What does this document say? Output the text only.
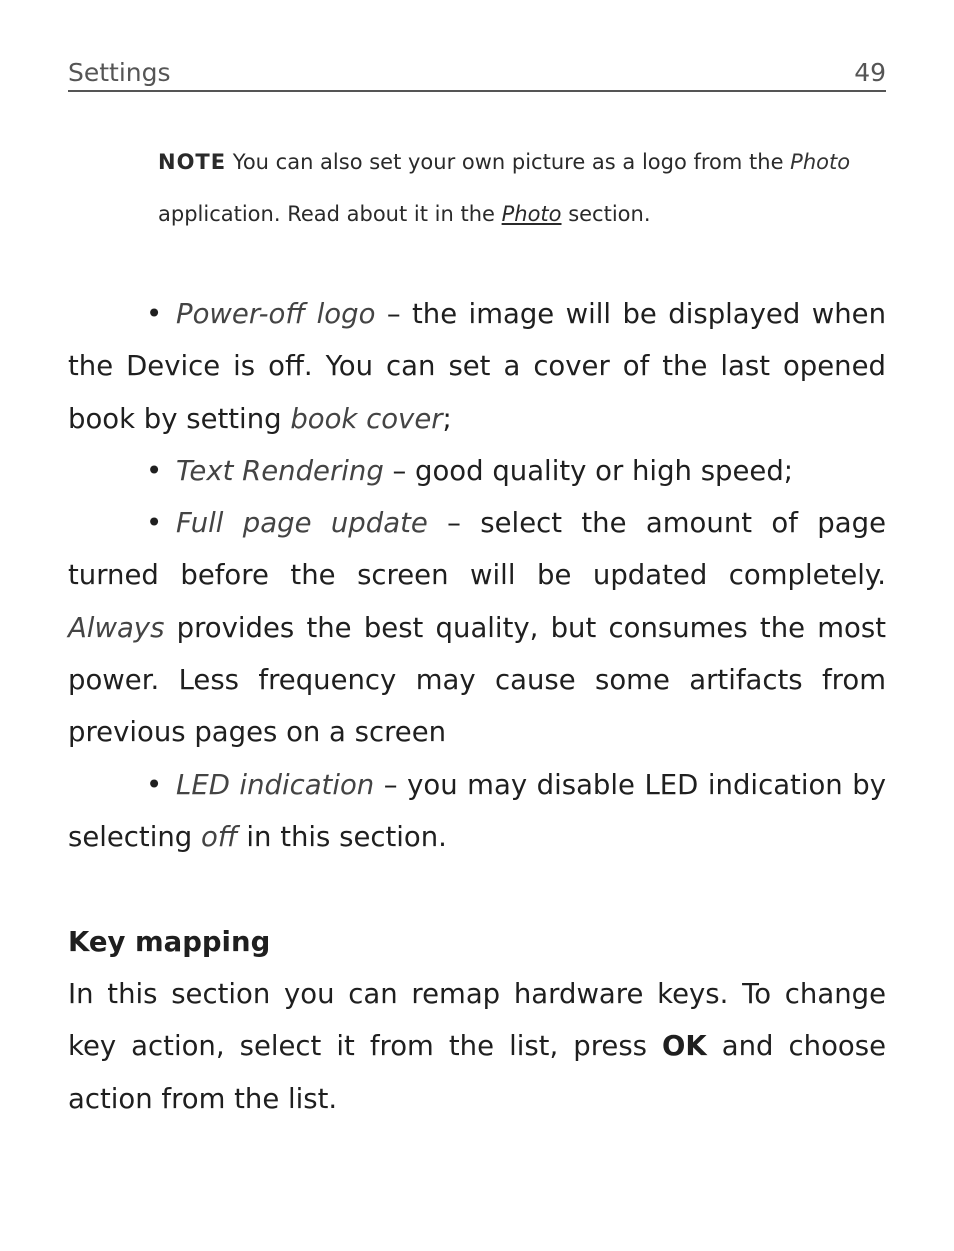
Settings	49
NOTE You can also set your own picture as a logo from the Photo application. Read about it in the Photo section.
• Power-off logo – the image will be displayed when the Device is off. You can set a cover of the last opened book by setting book cover;
• Text Rendering – good quality or high speed;
• Full page update – select the amount of page turned before the screen will be updated completely. Always provides the best quality, but consumes the most power. Less frequency may cause some artifacts from previous pages on a screen
• LED indication – you may disable LED indication by selecting off in this section.
Key mapping
In this section you can remap hardware keys. To change key action, select it from the list, press OK and choose action from the list.
